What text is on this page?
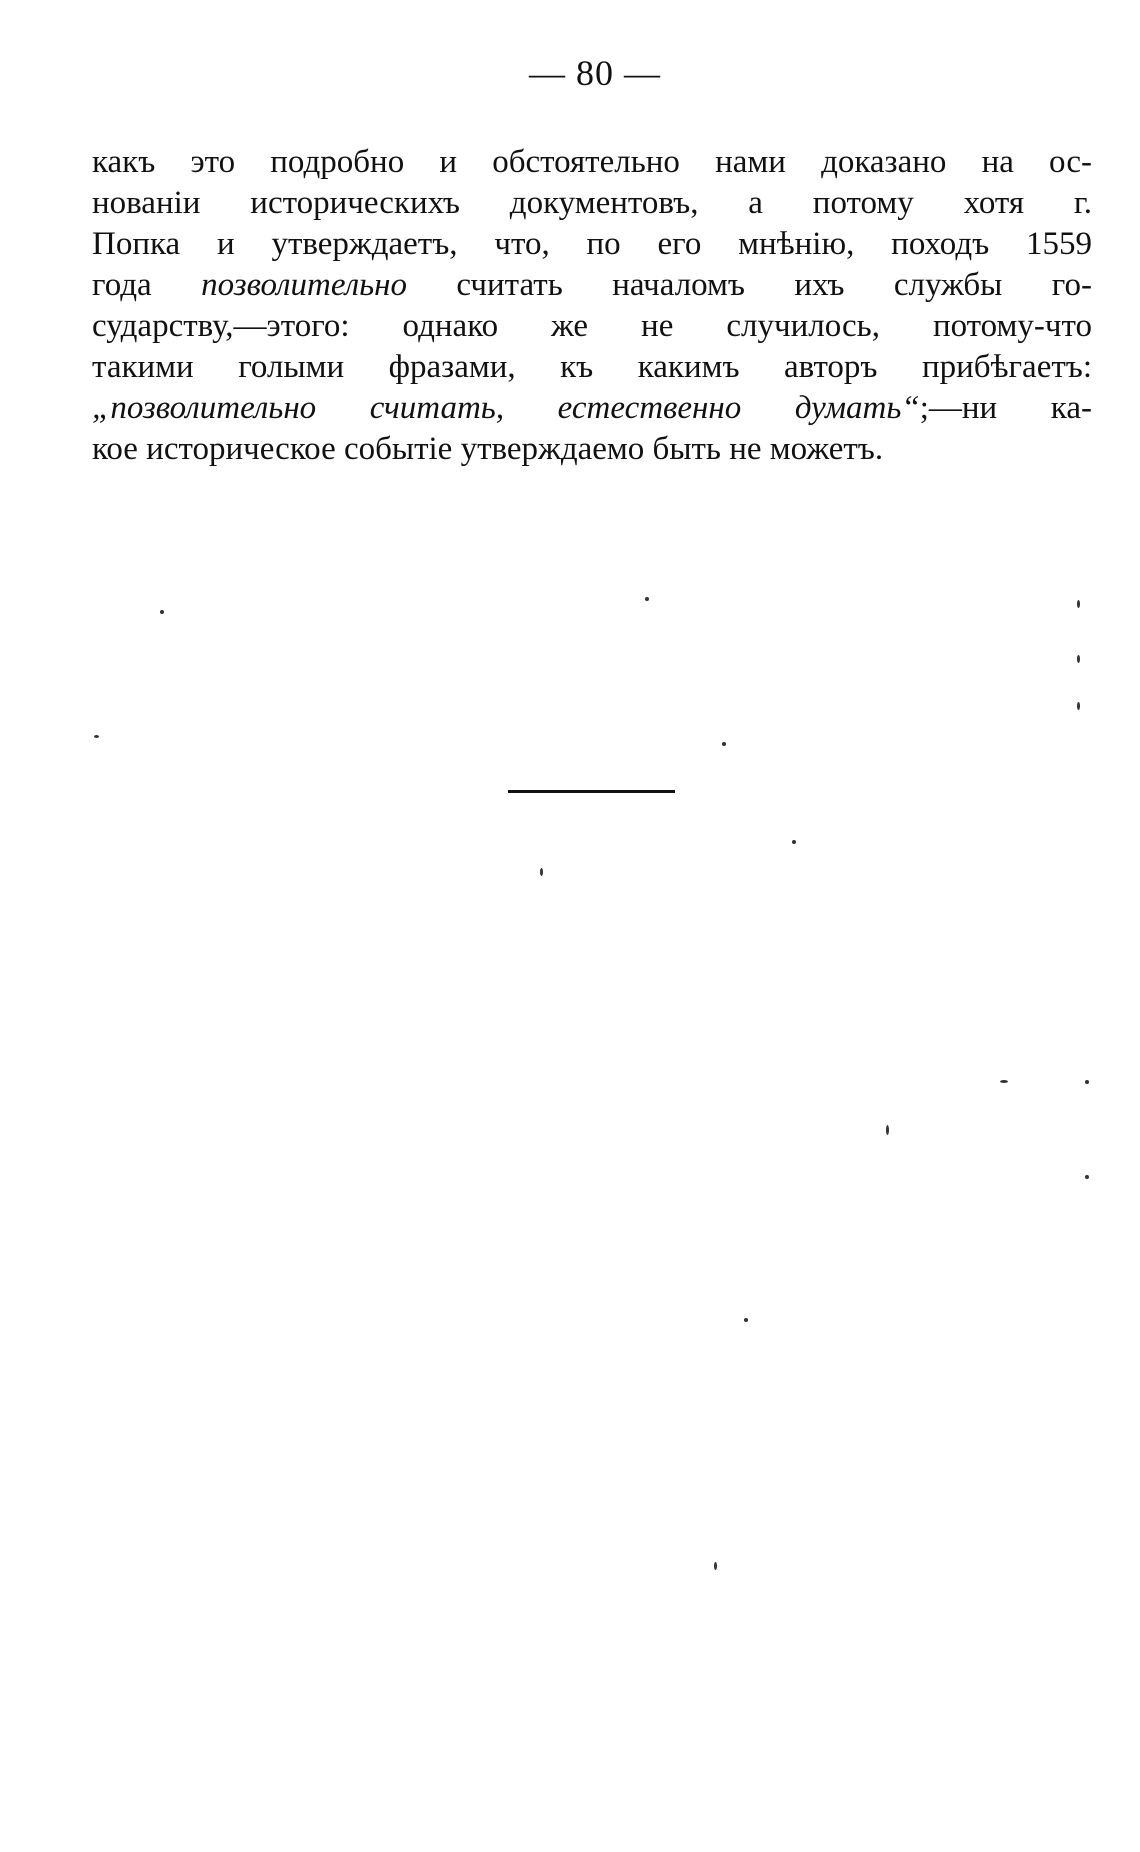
— 80 —
какъ это подробно и обстоятельно нами доказано на ос-
нованіи историческихъ документовъ, а потому хотя г.
Попка и утверждаетъ, что, по его мнѣнію, походъ 1559
года позволительно считать началомъ ихъ службы го-
сударству,—этого: однако же не случилось, потому-что
такими голыми фразами, къ какимъ авторъ прибѣгаетъ:
„позволительно считать, естественно думать“;—ни ка-
кое историческое событіе утверждаемо быть не можетъ.
